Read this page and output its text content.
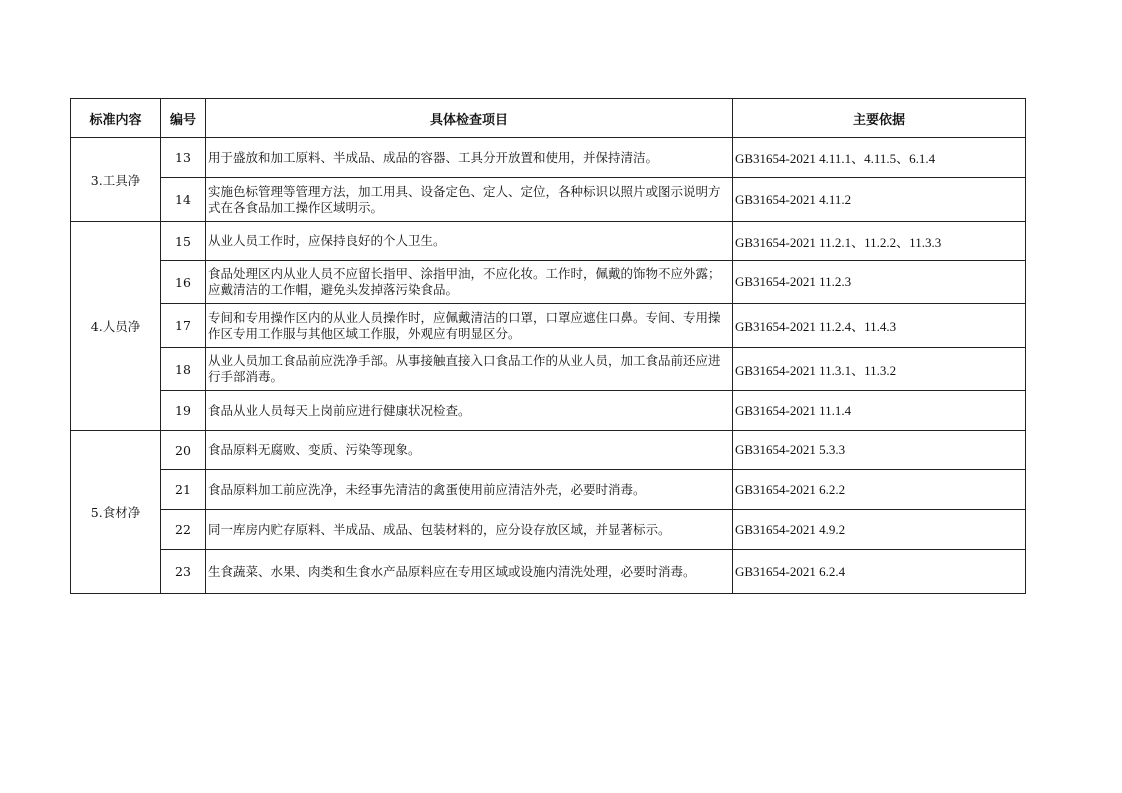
标准内容	编号	具体检查项目	主要依据
3.工具净	13	用于盛放和加工原料、半成品、成品的容器、工具分开放置和使用，并保持清洁。	GB31654-2021 4.11.1、4.11.5、6.1.4
	14	实施色标管理等管理方法，加工用具、设备定色、定人、定位，各种标识以照片或图示说明方式在各食品加工操作区域明示。	GB31654-2021 4.11.2
4.人员净	15	从业人员工作时，应保持良好的个人卫生。	GB31654-2021 11.2.1、11.2.2、11.3.3
	16	食品处理区内从业人员不应留长指甲、涂指甲油，不应化妆。工作时，佩戴的饰物不应外露；应戴清洁的工作帽，避免头发掉落污染食品。	GB31654-2021 11.2.3
	17	专间和专用操作区内的从业人员操作时，应佩戴清洁的口罩，口罩应遮住口鼻。专间、专用操作区专用工作服与其他区域工作服，外观应有明显区分。	GB31654-2021 11.2.4、11.4.3
	18	从业人员加工食品前应洗净手部。从事接触直接入口食品工作的从业人员，加工食品前还应进行手部消毒。	GB31654-2021 11.3.1、11.3.2
	19	食品从业人员每天上岗前应进行健康状况检查。	GB31654-2021 11.1.4
5.食材净	20	食品原料无腐败、变质、污染等现象。	GB31654-2021 5.3.3
	21	食品原料加工前应洗净，未经事先清洁的禽蛋使用前应清洁外壳，必要时消毒。	GB31654-2021 6.2.2
	22	同一库房内贮存原料、半成品、成品、包装材料的，应分设存放区域，并显著标示。	GB31654-2021 4.9.2
	23	生食蔬菜、水果、肉类和生食水产品原料应在专用区域或设施内清洗处理，必要时消毒。	GB31654-2021 6.2.4
